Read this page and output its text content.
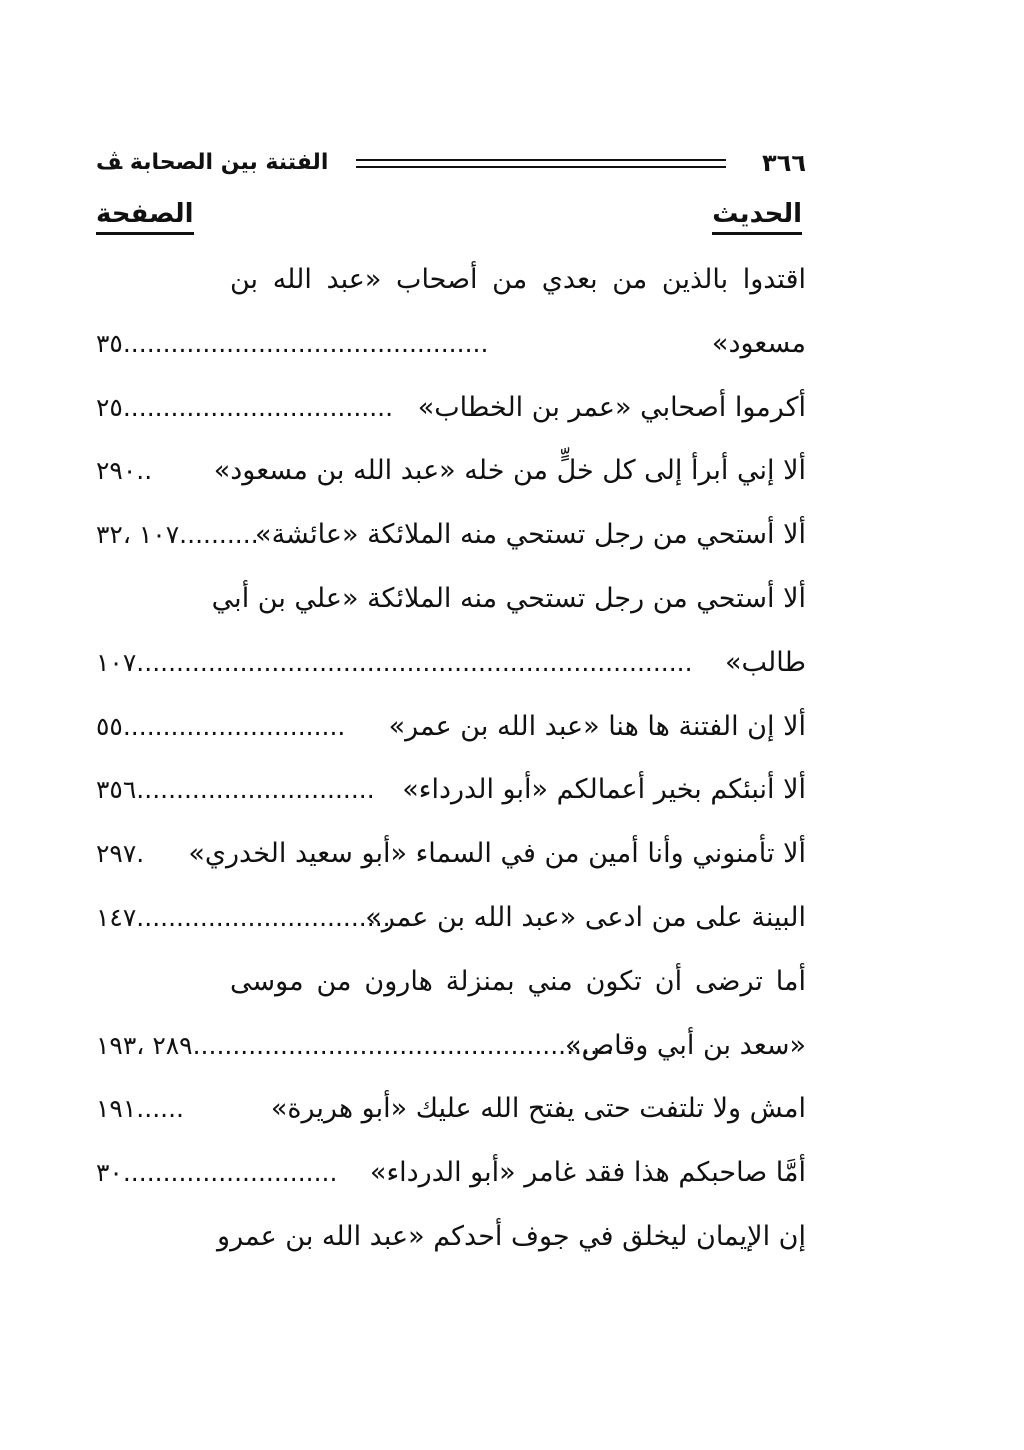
٣٦٦
الفتنة بين الصحابة ﭫ
الحديث
الصفحة
اقتدوا بالذين من بعدي من أصحاب «عبد الله بن
مسعود»
٣٥..............................................
أكرموا أصحابي «عمر بن الخطاب»
٢٥..................................
ألا إني أبرأ إلى كل خلٍّ من خله «عبد الله بن مسعود»
٢٩٠..
ألا أستحي من رجل تستحي منه الملائكة «عائشة»
١٠٧ ،٣٢..........
ألا أستحي من رجل تستحي منه الملائكة «علي بن أبي
طالب»
١٠٧......................................................................
ألا إن الفتنة ها هنا «عبد الله بن عمر»
٥٥............................
ألا أنبئكم بخير أعمالكم «أبو الدرداء»
٣٥٦..............................
ألا تأمنوني وأنا أمين من في السماء «أبو سعيد الخدري»
٢٩٧.
البينة على من ادعى «عبد الله بن عمر»
١٤٧................................
أما ترضى أن تكون مني بمنزلة هارون من موسى
«سعد بن أبي وقاص»
٢٨٩ ،١٩٣.....................................................
امش ولا تلتفت حتى يفتح الله عليك «أبو هريرة»
١٩١......
أمَّا صاحبكم هذا فقد غامر «أبو الدرداء»
٣٠...........................
إن الإيمان ليخلق في جوف أحدكم «عبد الله بن عمرو
